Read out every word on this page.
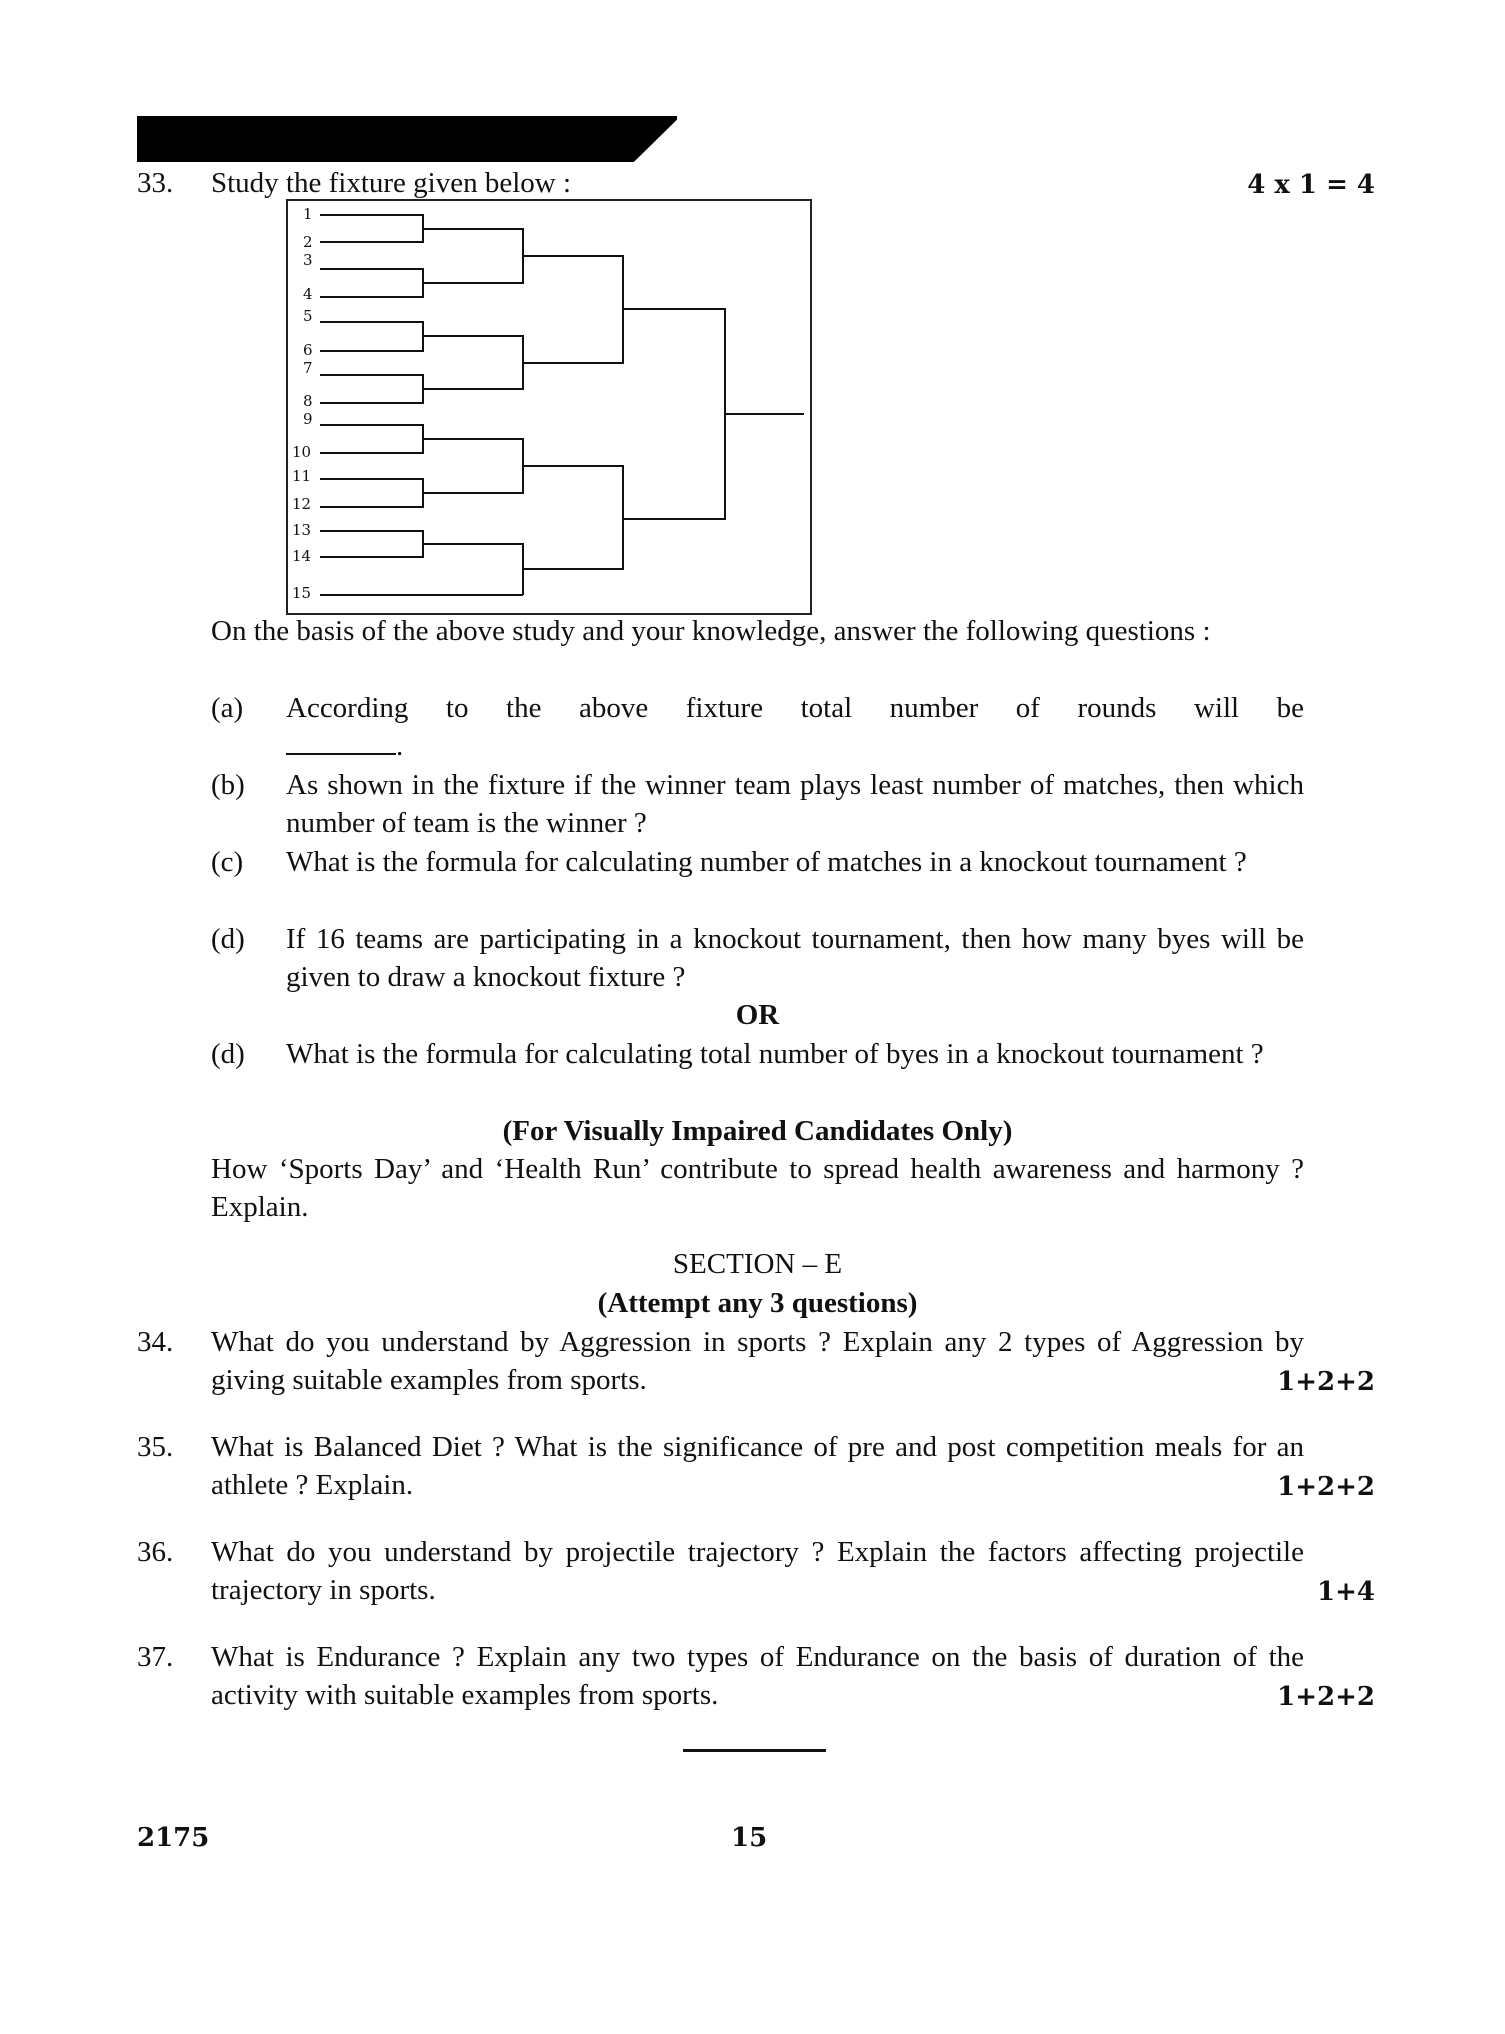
33. Study the fixture given below :	4 x 1 = 4
1
2
3
4
5
6
7
8
9
10
11
12
13
14
15
On the basis of the above study and your knowledge, answer the following questions :
(a) According to the above fixture total number of rounds will be
.
(b) As shown in the fixture if the winner team plays least number of matches, then which number of team is the winner ?
(c) What is the formula for calculating number of matches in a knockout tournament ?
(d) If 16 teams are participating in a knockout tournament, then how many byes will be given to draw a knockout fixture ?
OR
(d) What is the formula for calculating total number of byes in a knockout tournament ?
(For Visually Impaired Candidates Only)
How ‘Sports Day’ and ‘Health Run’ contribute to spread health awareness and harmony ? Explain.
SECTION – E
(Attempt any 3 questions)
34. What do you understand by Aggression in sports ? Explain any 2 types of Aggression by giving suitable examples from sports.	1+2+2
35. What is Balanced Diet ? What is the significance of pre and post competition meals for an athlete ? Explain.	1+2+2
36. What do you understand by projectile trajectory ? Explain the factors affecting projectile trajectory in sports.	1+4
37. What is Endurance ? Explain any two types of Endurance on the basis of duration of the activity with suitable examples from sports.	1+2+2
2175	15
